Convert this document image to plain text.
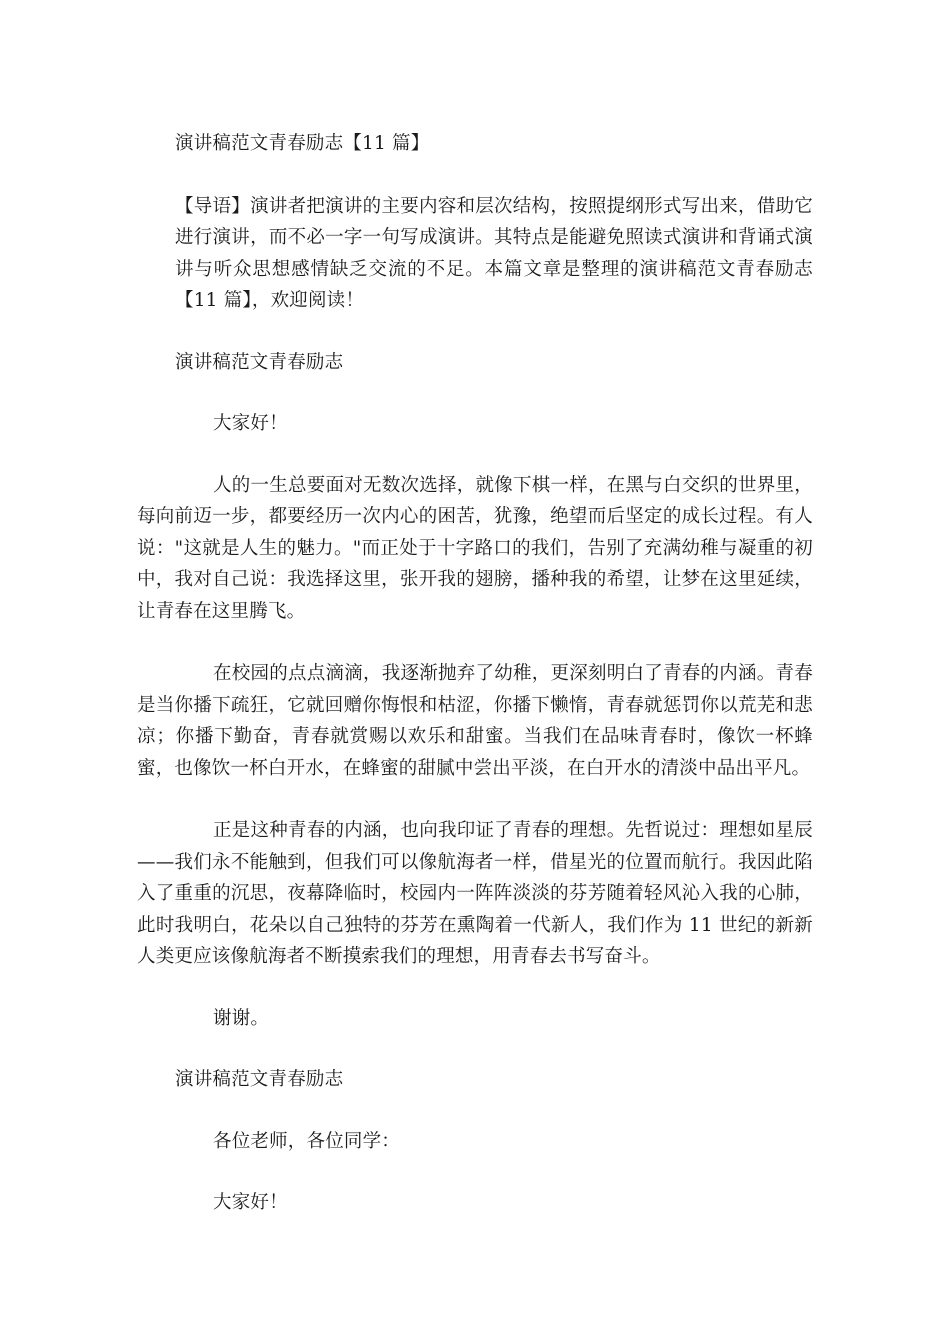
演讲稿范文青春励志【11 篇】

【导语】演讲者把演讲的主要内容和层次结构，按照提纲形式写出来，借助它进行演讲，而不必一字一句写成演讲。其特点是能避免照读式演讲和背诵式演讲与听众思想感情缺乏交流的不足。本篇文章是整理的演讲稿范文青春励志【11 篇】，欢迎阅读！

演讲稿范文青春励志

大家好！

人的一生总要面对无数次选择，就像下棋一样，在黑与白交织的世界里，每向前迈一步，都要经历一次内心的困苦，犹豫，绝望而后坚定的成长过程。有人说："这就是人生的魅力。"而正处于十字路口的我们，告别了充满幼稚与凝重的初中，我对自己说：我选择这里，张开我的翅膀，播种我的希望，让梦在这里延续，让青春在这里腾飞。

在校园的点点滴滴，我逐渐抛弃了幼稚，更深刻明白了青春的内涵。青春是当你播下疏狂，它就回赠你悔恨和枯涩，你播下懒惰，青春就惩罚你以荒芜和悲凉；你播下勤奋，青春就赏赐以欢乐和甜蜜。当我们在品味青春时，像饮一杯蜂蜜，也像饮一杯白开水，在蜂蜜的甜腻中尝出平淡，在白开水的清淡中品出平凡。

正是这种青春的内涵，也向我印证了青春的理想。先哲说过：理想如星辰——我们永不能触到，但我们可以像航海者一样，借星光的位置而航行。我因此陷入了重重的沉思，夜幕降临时，校园内一阵阵淡淡的芬芳随着轻风沁入我的心肺，此时我明白，花朵以自己独特的芬芳在熏陶着一代新人，我们作为 11 世纪的新新人类更应该像航海者不断摸索我们的理想，用青春去书写奋斗。

谢谢。

演讲稿范文青春励志

各位老师，各位同学：

大家好！
